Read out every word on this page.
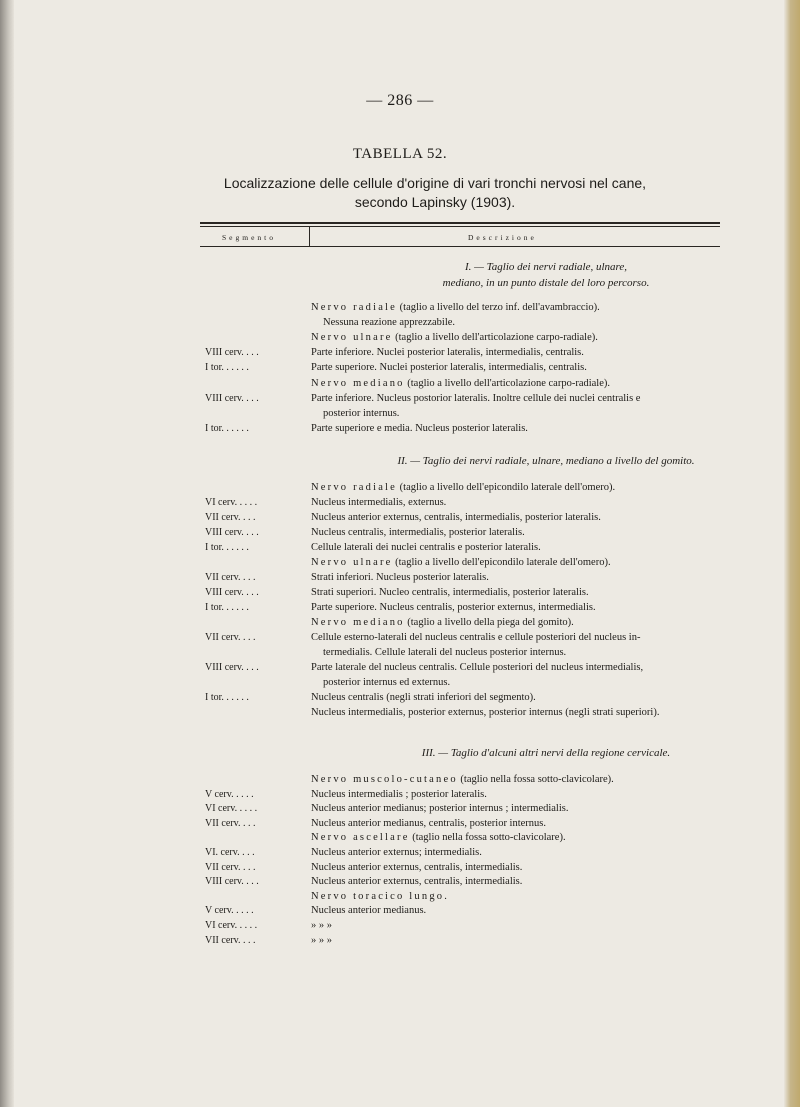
— 286 —
TABELLA 52.
Localizzazione delle cellule d'origine di vari tronchi nervosi nel cane,
secondo Lapinsky (1903).
Segmento	Descrizione
I. — Taglio dei nervi radiale, ulnare,
mediano, in un punto distale del loro percorso.
Nervo radiale (taglio a livello del terzo inf. dell'avambraccio).
Nessuna reazione apprezzabile.
Nervo ulnare (taglio a livello dell'articolazione carpo-radiale).
VIII cerv. . . .	Parte inferiore. Nuclei posterior lateralis, intermedialis, centralis.
I tor. . . . . .	Parte superiore. Nuclei posterior lateralis, intermedialis, centralis.
Nervo mediano (taglio a livello dell'articolazione carpo-radiale).
VIII cerv. . . .	Parte inferiore. Nucleus postorior lateralis. Inoltre cellule dei nuclei centralis e
posterior internus.
I tor. . . . . .	Parte superiore e media. Nucleus posterior lateralis.
II. — Taglio dei nervi radiale, ulnare, mediano a livello del gomito.
Nervo radiale (taglio a livello dell'epicondilo laterale dell'omero).
VI cerv. . . . .	Nucleus intermedialis, externus.
VII cerv. . . .	Nucleus anterior externus, centralis, intermedialis, posterior lateralis.
VIII cerv. . . .	Nucleus centralis, intermedialis, posterior lateralis.
I tor. . . . . .	Cellule laterali dei nuclei centralis e posterior lateralis.
Nervo ulnare (taglio a livello dell'epicondilo laterale dell'omero).
VII cerv. . . .	Strati inferiori. Nucleus posterior lateralis.
VIII cerv. . . .	Strati superiori. Nucleo centralis, intermedialis, posterior lateralis.
I tor. . . . . .	Parte superiore. Nucleus centralis, posterior externus, intermedialis.
Nervo mediano (taglio a livello della piega del gomito).
VII cerv. . . .	Cellule esterno-laterali del nucleus centralis e cellule posteriori del nucleus in-
termedialis. Cellule laterali del nucleus posterior internus.
VIII cerv. . . .	Parte laterale del nucleus centralis. Cellule posteriori del nucleus intermedialis,
posterior internus ed externus.
I tor. . . . . .	Nucleus centralis (negli strati inferiori del segmento).
Nucleus intermedialis, posterior externus, posterior internus (negli strati superiori).
III. — Taglio d'alcuni altri nervi della regione cervicale.
Nervo muscolo-cutaneo (taglio nella fossa sotto-clavicolare).
V cerv. . . . .	Nucleus intermedialis ; posterior lateralis.
VI cerv. . . . .	Nucleus anterior medianus; posterior internus ; intermedialis.
VII cerv. . . .	Nucleus anterior medianus, centralis, posterior internus.
Nervo ascellare (taglio nella fossa sotto-clavicolare).
VI. cerv. . . .	Nucleus anterior externus; intermedialis.
VII cerv. . . .	Nucleus anterior externus, centralis, intermedialis.
VIII cerv. . . .	Nucleus anterior externus, centralis, intermedialis.
Nervo toracico lungo.
V cerv. . . . .	Nucleus anterior medianus.
VI cerv. . . . .	» » »
VII cerv. . . .	» » »
